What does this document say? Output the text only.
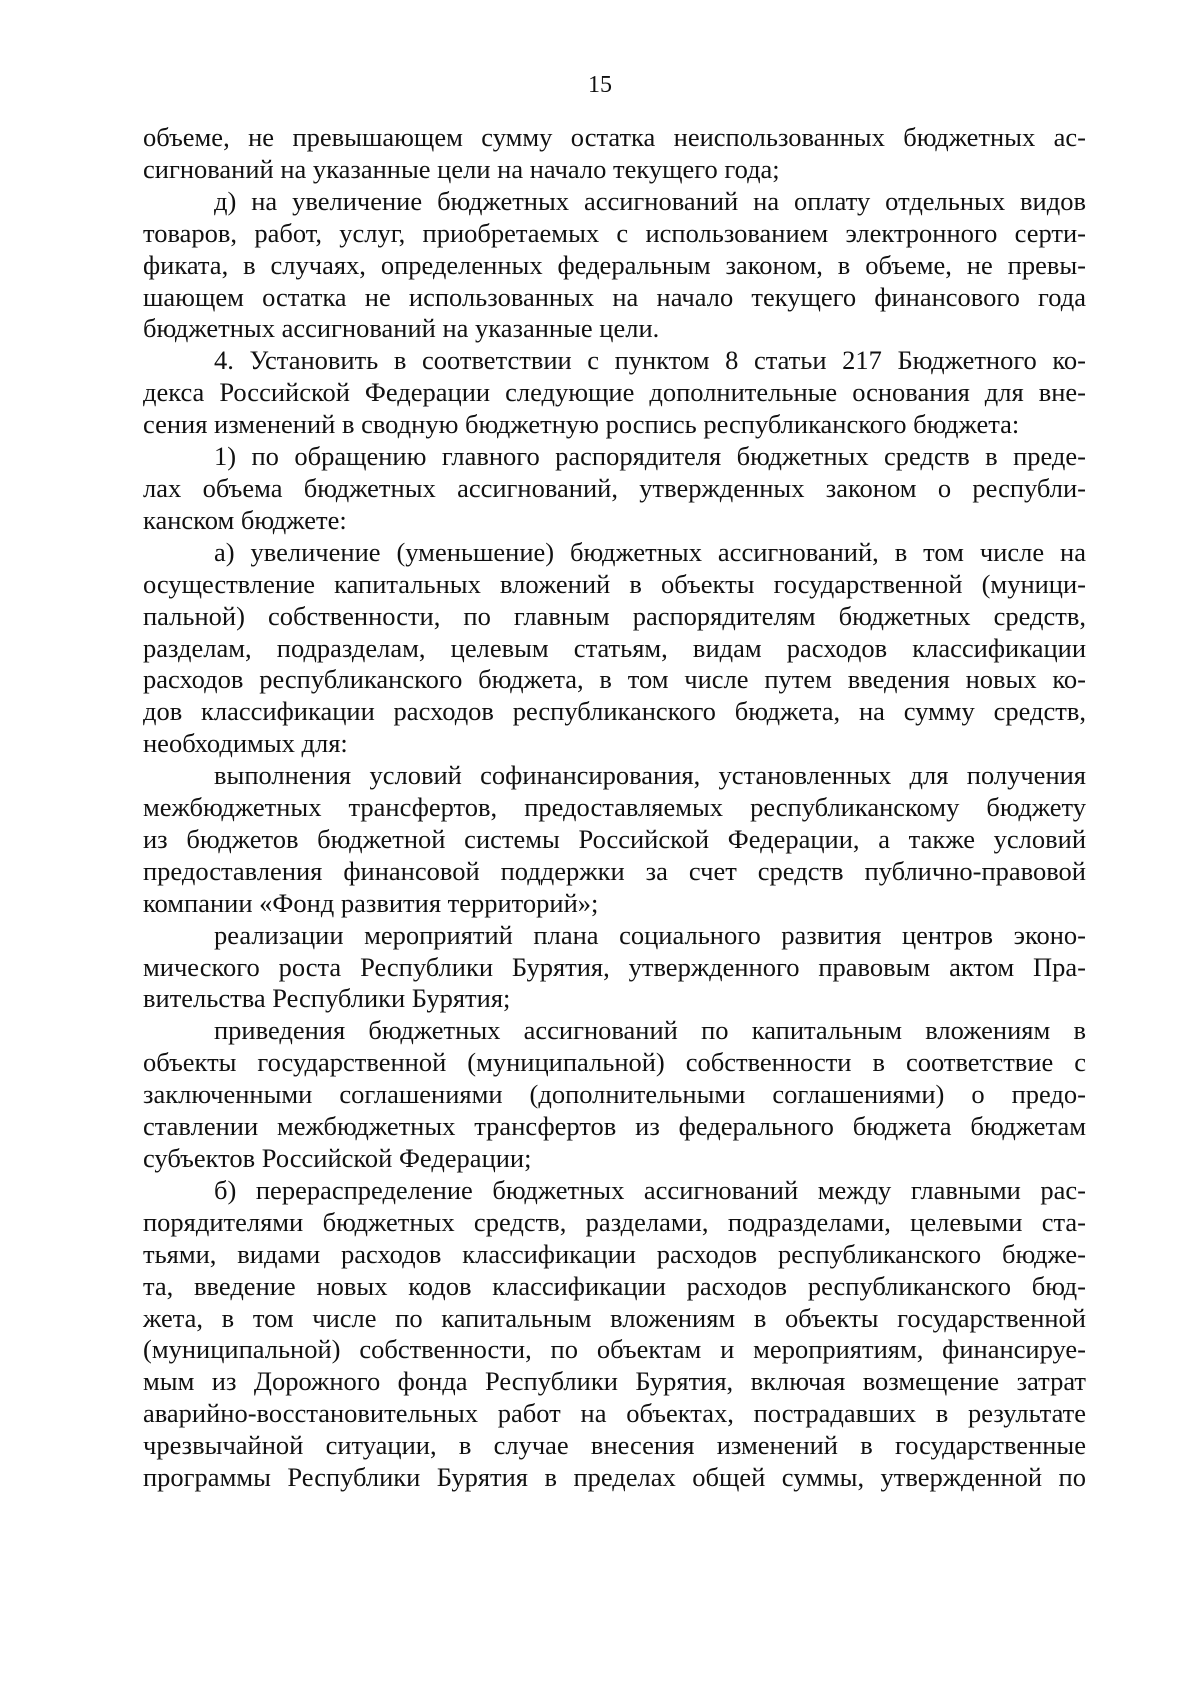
15

объеме, не превышающем сумму остатка неиспользованных бюджетных ас-
сигнований на указанные цели на начало текущего года;

д) на увеличение бюджетных ассигнований на оплату отдельных видов
товаров, работ, услуг, приобретаемых с использованием электронного серти-
фиката, в случаях, определенных федеральным законом, в объеме, не превы-
шающем остатка не использованных на начало текущего финансового года
бюджетных ассигнований на указанные цели.

4. Установить в соответствии с пунктом 8 статьи 217 Бюджетного ко-
декса Российской Федерации следующие дополнительные основания для вне-
сения изменений в сводную бюджетную роспись республиканского бюджета:

1) по обращению главного распорядителя бюджетных средств в преде-
лах объема бюджетных ассигнований, утвержденных законом о республи-
канском бюджете:

а) увеличение (уменьшение) бюджетных ассигнований, в том числе на
осуществление капитальных вложений в объекты государственной (муници-
пальной) собственности, по главным распорядителям бюджетных средств,
разделам, подразделам, целевым статьям, видам расходов классификации
расходов республиканского бюджета, в том числе путем введения новых ко-
дов классификации расходов республиканского бюджета, на сумму средств,
необходимых для:

выполнения условий софинансирования, установленных для получения
межбюджетных трансфертов, предоставляемых республиканскому бюджету
из бюджетов бюджетной системы Российской Федерации, а также условий
предоставления финансовой поддержки за счет средств публично-правовой
компании «Фонд развития территорий»;

реализации мероприятий плана социального развития центров эконо-
мического роста Республики Бурятия, утвержденного правовым актом Пра-
вительства Республики Бурятия;

приведения бюджетных ассигнований по капитальным вложениям в
объекты государственной (муниципальной) собственности в соответствие с
заключенными соглашениями (дополнительными соглашениями) о предо-
ставлении межбюджетных трансфертов из федерального бюджета бюджетам
субъектов Российской Федерации;

б) перераспределение бюджетных ассигнований между главными рас-
порядителями бюджетных средств, разделами, подразделами, целевыми ста-
тьями, видами расходов классификации расходов республиканского бюдже-
та, введение новых кодов классификации расходов республиканского бюд-
жета, в том числе по капитальным вложениям в объекты государственной
(муниципальной) собственности, по объектам и мероприятиям, финансируе-
мым из Дорожного фонда Республики Бурятия, включая возмещение затрат
аварийно-восстановительных работ на объектах, пострадавших в результате
чрезвычайной ситуации, в случае внесения изменений в государственные
программы Республики Бурятия в пределах общей суммы, утвержденной по
